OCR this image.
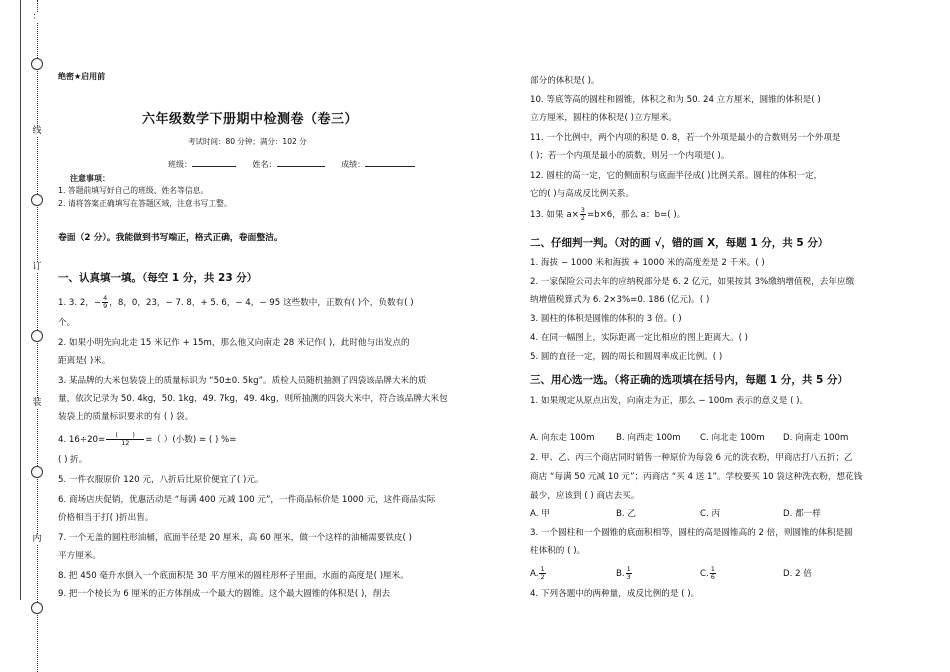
：
线
订
装
内
绝密★启用前
六年级数学下册期中检测卷（卷三）
考试时间：80 分钟；满分：102 分
班级：	姓名：	成绩：
注意事项：
1. 答题前填写好自己的班级、姓名等信息。
2. 请将答案正确填写在答题区域，注意书写工整。
卷面（2 分）。我能做到书写端正，格式正确，卷面整洁。
一、认真填一填。（每空 1 分，共 23 分）
1. 3. 2，− $\frac{4}{9}$ ，8，0，23，− 7. 8，+ 5. 6，− 4，− 95 这些数中，正数有( )个，负数有( )
个。
2. 如果小明先向北走 15 米记作 + 15m，那么他又向南走 28 米记作( )，此时他与出发点的
距离是( )米。
3. 某品牌的大米包装袋上的质量标识为 “50±0. 5kg”。质检人员随机抽测了四袋该品牌大米的质
量，依次记录为 50. 4kg，50. 1kg，49. 7kg，49. 4kg，则所抽测的四袋大米中，符合该品牌大米包
装袋上的质量标识要求的有 ( ) 袋。
4. $16\div 20= \frac{( )}{12}$ =（ ）(小数) = ( ) %=
( ) 折。
5. 一件衣服原价 120 元，八折后比原价便宜了( )元。
6. 商场店庆促销，优惠活动是 “每满 400 元减 100 元”，一件商品标价是 1000 元，这件商品实际
价格相当于打( )折出售。
7. 一个无盖的圆柱形油桶，底面半径是 20 厘米，高 60 厘米，做一个这样的油桶需要铁皮( )
平方厘米。
8. 把 450 毫升水倒入一个底面积是 30 平方厘米的圆柱形杯子里面，水面的高度是( )厘米。
9. 把一个棱长为 6 厘米的正方体削成一个最大的圆锥。这个最大圆锥的体积是( )，削去
部分的体积是( )。
10. 等底等高的圆柱和圆锥，体积之和为 50. 24 立方厘米，圆锥的体积是( )
立方厘米，圆柱的体积是( )立方厘米。
11. 一个比例中，两个内项的积是 0. 8，若一个外项是最小的合数则另一个外项是
( )；若一个内项是最小的质数，则另一个内项是( )。
12. 圆柱的高一定，它的侧面积与底面半径成( )比例关系。圆柱的体积一定，
它的( )与高成反比例关系。
13. 如果 $a\times \frac{3}{2} =b\times 6$，那么 a：b=( )。
二、仔细判一判。（对的画 √，错的画 X，每题 1 分，共 5 分）
1. 海拔 − 1000 米和海拔 + 1000 米的高度差是 2 千米。( )
2. 一家保险公司去年的应纳税部分是 6. 2 亿元，如果按其 3%缴纳增值税，去年应缴
纳增值税算式为 6. 2×3%=0. 186 (亿元)。( )
3. 圆柱的体积是圆锥的体积的 3 倍。( )
4. 在同一幅图上，实际距离一定比相应的图上距离大。( )
5. 圆的直径一定，圆的周长和圆周率成正比例。( )
三、用心选一选。（将正确的选项填在括号内，每题 1 分，共 5 分）
1. 如果规定从原点出发，向南走为正，那么 − 100m 表示的意义是 ( )。
A. 向东走 100m	B. 向西走 100m C. 向北走 100m D. 向南走 100m
2. 甲、乙、丙三个商店同时销售一种原价为每袋 6 元的洗衣粉，甲商店打八五折；乙
商店 “每满 50 元减 10 元”；丙商店 “买 4 送 1”。学校要买 10 袋这种洗衣粉，想花钱
最少，应该到 ( ) 商店去买。
A. 甲	B. 乙	C. 丙	D. 都一样
3. 一个圆柱和一个圆锥的底面积相等，圆柱的高是圆锥高的 2 倍，则圆锥的体积是圆
柱体积的 ( )。
A. $\frac{1}{2}$	B. $\frac{1}{3}$	C. $\frac{1}{6}$	D. 2 倍
4. 下列各题中的两种量，成反比例的是 ( )。
